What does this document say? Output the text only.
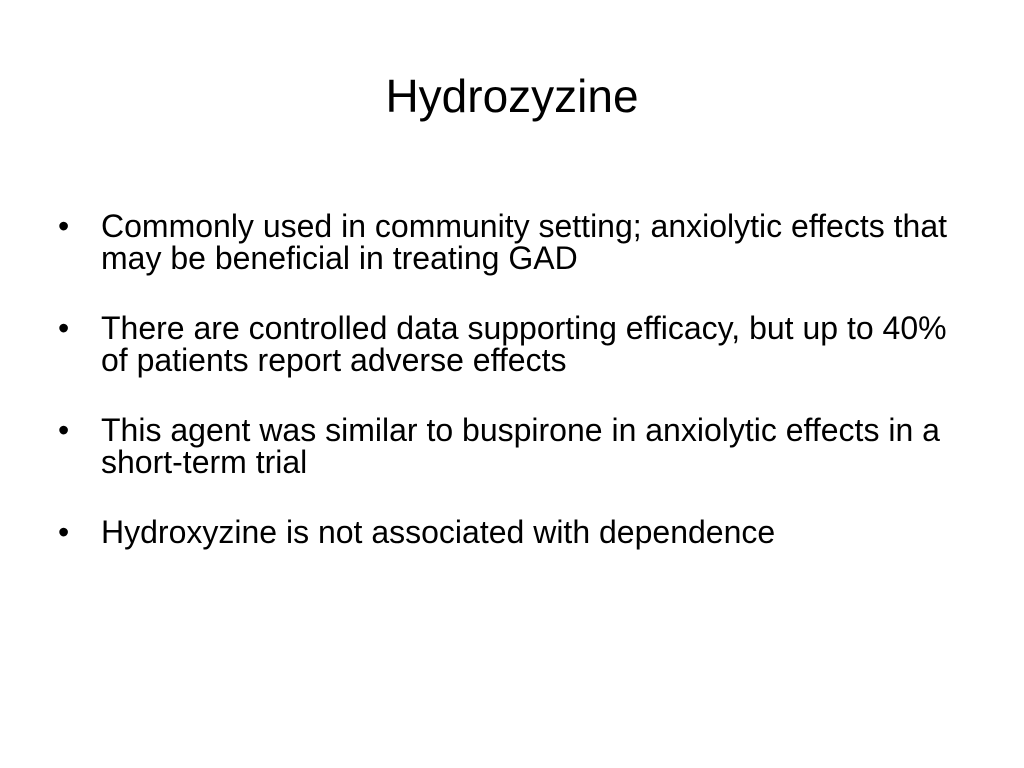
Hydrozyzine
• Commonly used in community setting; anxiolytic effects that may be beneficial in treating GAD
• There are controlled data supporting efficacy, but up to 40% of patients report adverse effects
• This agent was similar to buspirone in anxiolytic effects in a short-term trial
• Hydroxyzine is not associated with dependence
